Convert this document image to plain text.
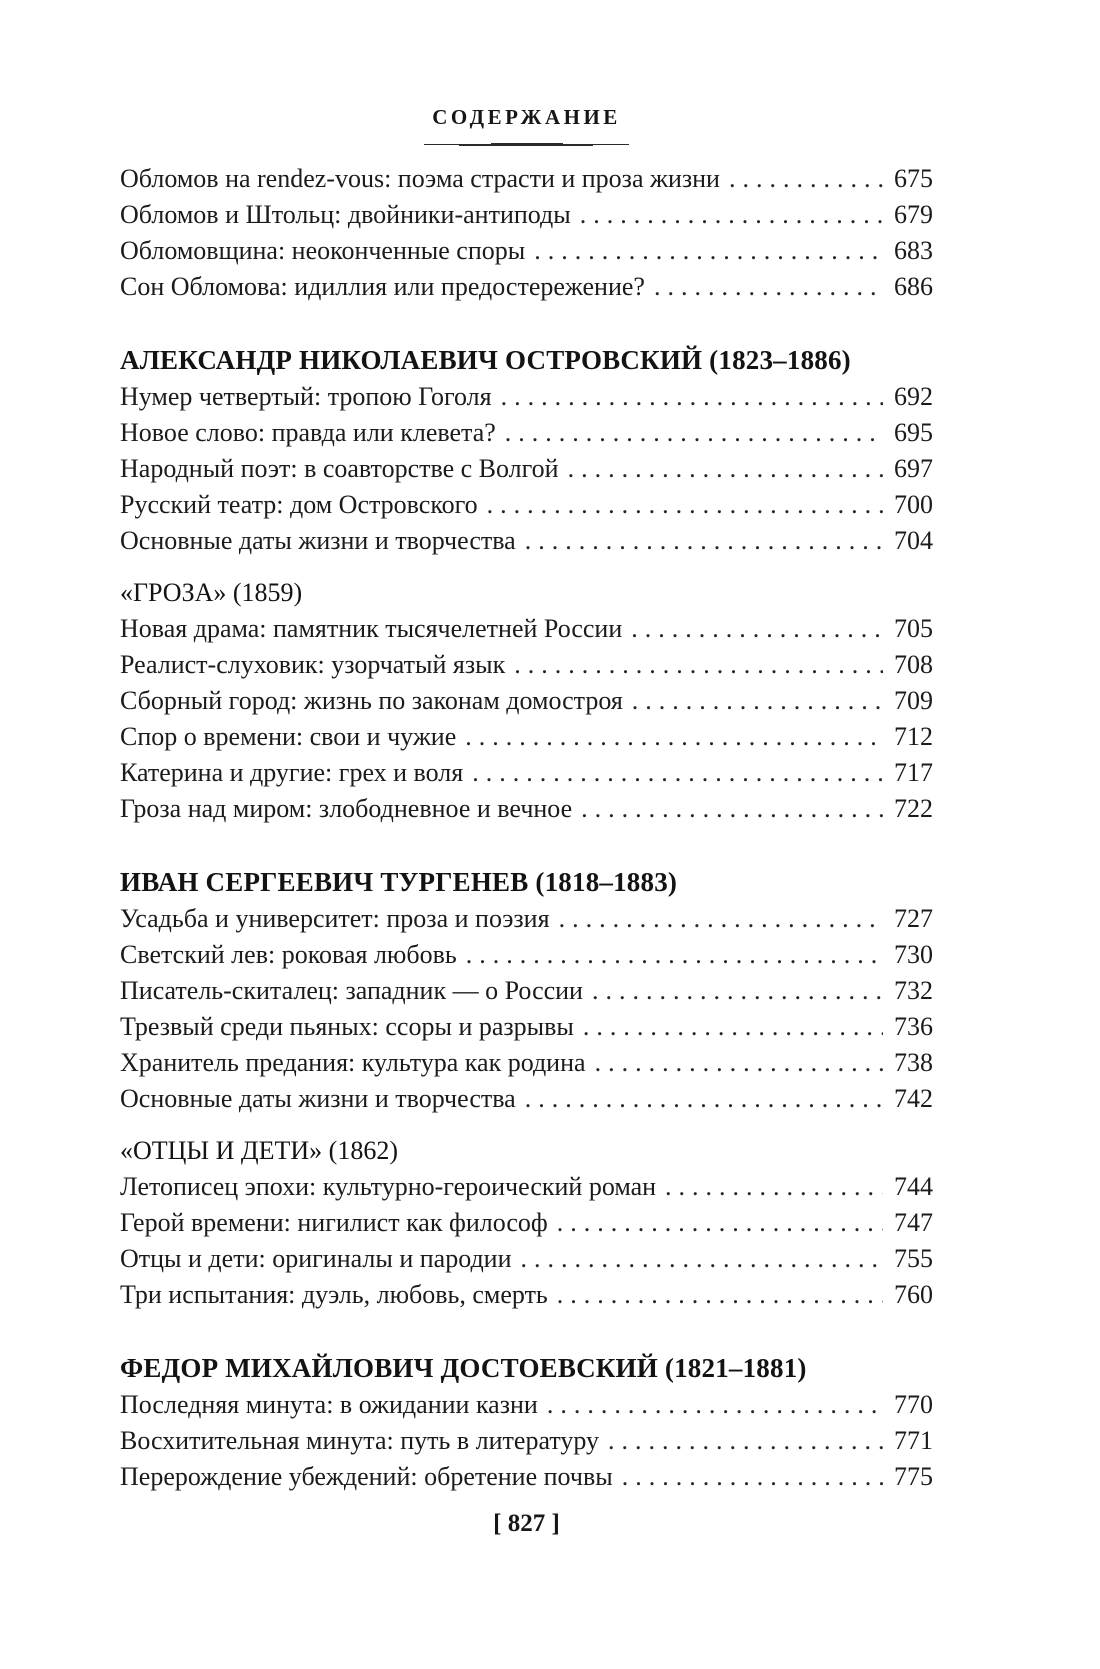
СОДЕРЖАНИЕ
Обломов на rendez-vous: поэма страсти и проза жизни .....	675
Обломов и Штольц: двойники-антиподы .....	679
Обломовщина: неоконченные споры .....	683
Сон Обломова: идиллия или предостережение? .....	686
АЛЕКСАНДР НИКОЛАЕВИЧ ОСТРОВСКИЙ (1823–1886)
Нумер четвертый: тропою Гоголя .....	692
Новое слово: правда или клевета? .....	695
Народный поэт: в соавторстве с Волгой .....	697
Русский театр: дом Островского .....	700
Основные даты жизни и творчества .....	704
«ГРОЗА» (1859)
Новая драма: памятник тысячелетней России .....	705
Реалист-слуховик: узорчатый язык .....	708
Сборный город: жизнь по законам домостроя .....	709
Спор о времени: свои и чужие .....	712
Катерина и другие: грех и воля .....	717
Гроза над миром: злободневное и вечное .....	722
ИВАН СЕРГЕЕВИЧ ТУРГЕНЕВ (1818–1883)
Усадьба и университет: проза и поэзия .....	727
Светский лев: роковая любовь .....	730
Писатель-скиталец: западник — о России .....	732
Трезвый среди пьяных: ссоры и разрывы .....	736
Хранитель предания: культура как родина .....	738
Основные даты жизни и творчества .....	742
«ОТЦЫ И ДЕТИ» (1862)
Летописец эпохи: культурно-героический роман .....	744
Герой времени: нигилист как философ .....	747
Отцы и дети: оригиналы и пародии .....	755
Три испытания: дуэль, любовь, смерть .....	760
ФЕДОР МИХАЙЛОВИЧ ДОСТОЕВСКИЙ (1821–1881)
Последняя минута: в ожидании казни .....	770
Восхитительная минута: путь в литературу .....	771
Перерождение убеждений: обретение почвы .....	775
[ 827 ]
